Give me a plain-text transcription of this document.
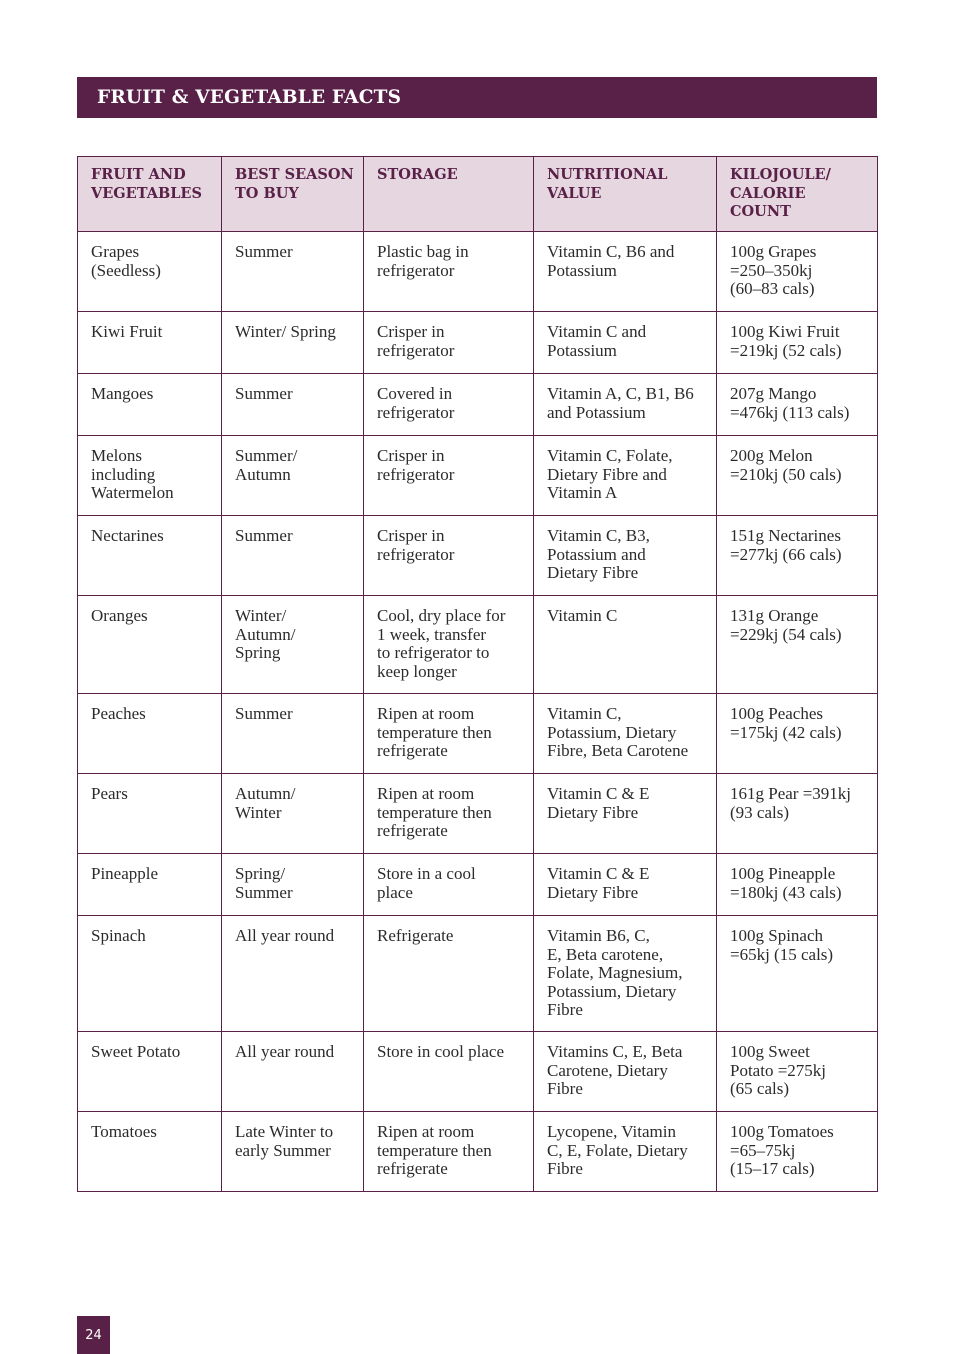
FRUIT & VEGETABLE FACTS
FRUIT AND
VEGETABLES	BEST SEASON
TO BUY	STORAGE	NUTRITIONAL
VALUE	KILOJOULE/
CALORIE
COUNT
Grapes
(Seedless)	Summer	Plastic bag in
refrigerator	Vitamin C, B6 and
Potassium	100g Grapes
=250–350kj
(60–83 cals)
Kiwi Fruit	Winter/ Spring	Crisper in
refrigerator	Vitamin C and
Potassium	100g Kiwi Fruit
=219kj (52 cals)
Mangoes	Summer	Covered in
refrigerator	Vitamin A, C, B1, B6
and Potassium	207g Mango
=476kj (113 cals)
Melons
including
Watermelon	Summer/
Autumn	Crisper in
refrigerator	Vitamin C, Folate,
Dietary Fibre and
Vitamin A	200g Melon
=210kj (50 cals)
Nectarines	Summer	Crisper in
refrigerator	Vitamin C, B3,
Potassium and
Dietary Fibre	151g Nectarines
=277kj (66 cals)
Oranges	Winter/
Autumn/
Spring	Cool, dry place for
1 week, transfer
to refrigerator to
keep longer	Vitamin C	131g Orange
=229kj (54 cals)
Peaches	Summer	Ripen at room
temperature then
refrigerate	Vitamin C,
Potassium, Dietary
Fibre, Beta Carotene	100g Peaches
=175kj (42 cals)
Pears	Autumn/
Winter	Ripen at room
temperature then
refrigerate	Vitamin C & E
Dietary Fibre	161g Pear =391kj
(93 cals)
Pineapple	Spring/
Summer	Store in a cool
place	Vitamin C & E
Dietary Fibre	100g Pineapple
=180kj (43 cals)
Spinach	All year round	Refrigerate	Vitamin B6, C,
E, Beta carotene,
Folate, Magnesium,
Potassium, Dietary
Fibre	100g Spinach
=65kj (15 cals)
Sweet Potato	All year round	Store in cool place	Vitamins C, E, Beta
Carotene, Dietary
Fibre	100g Sweet
Potato =275kj
(65 cals)
Tomatoes	Late Winter to
early Summer	Ripen at room
temperature then
refrigerate	Lycopene, Vitamin
C, E, Folate, Dietary
Fibre	100g Tomatoes
=65–75kj
(15–17 cals)
24
